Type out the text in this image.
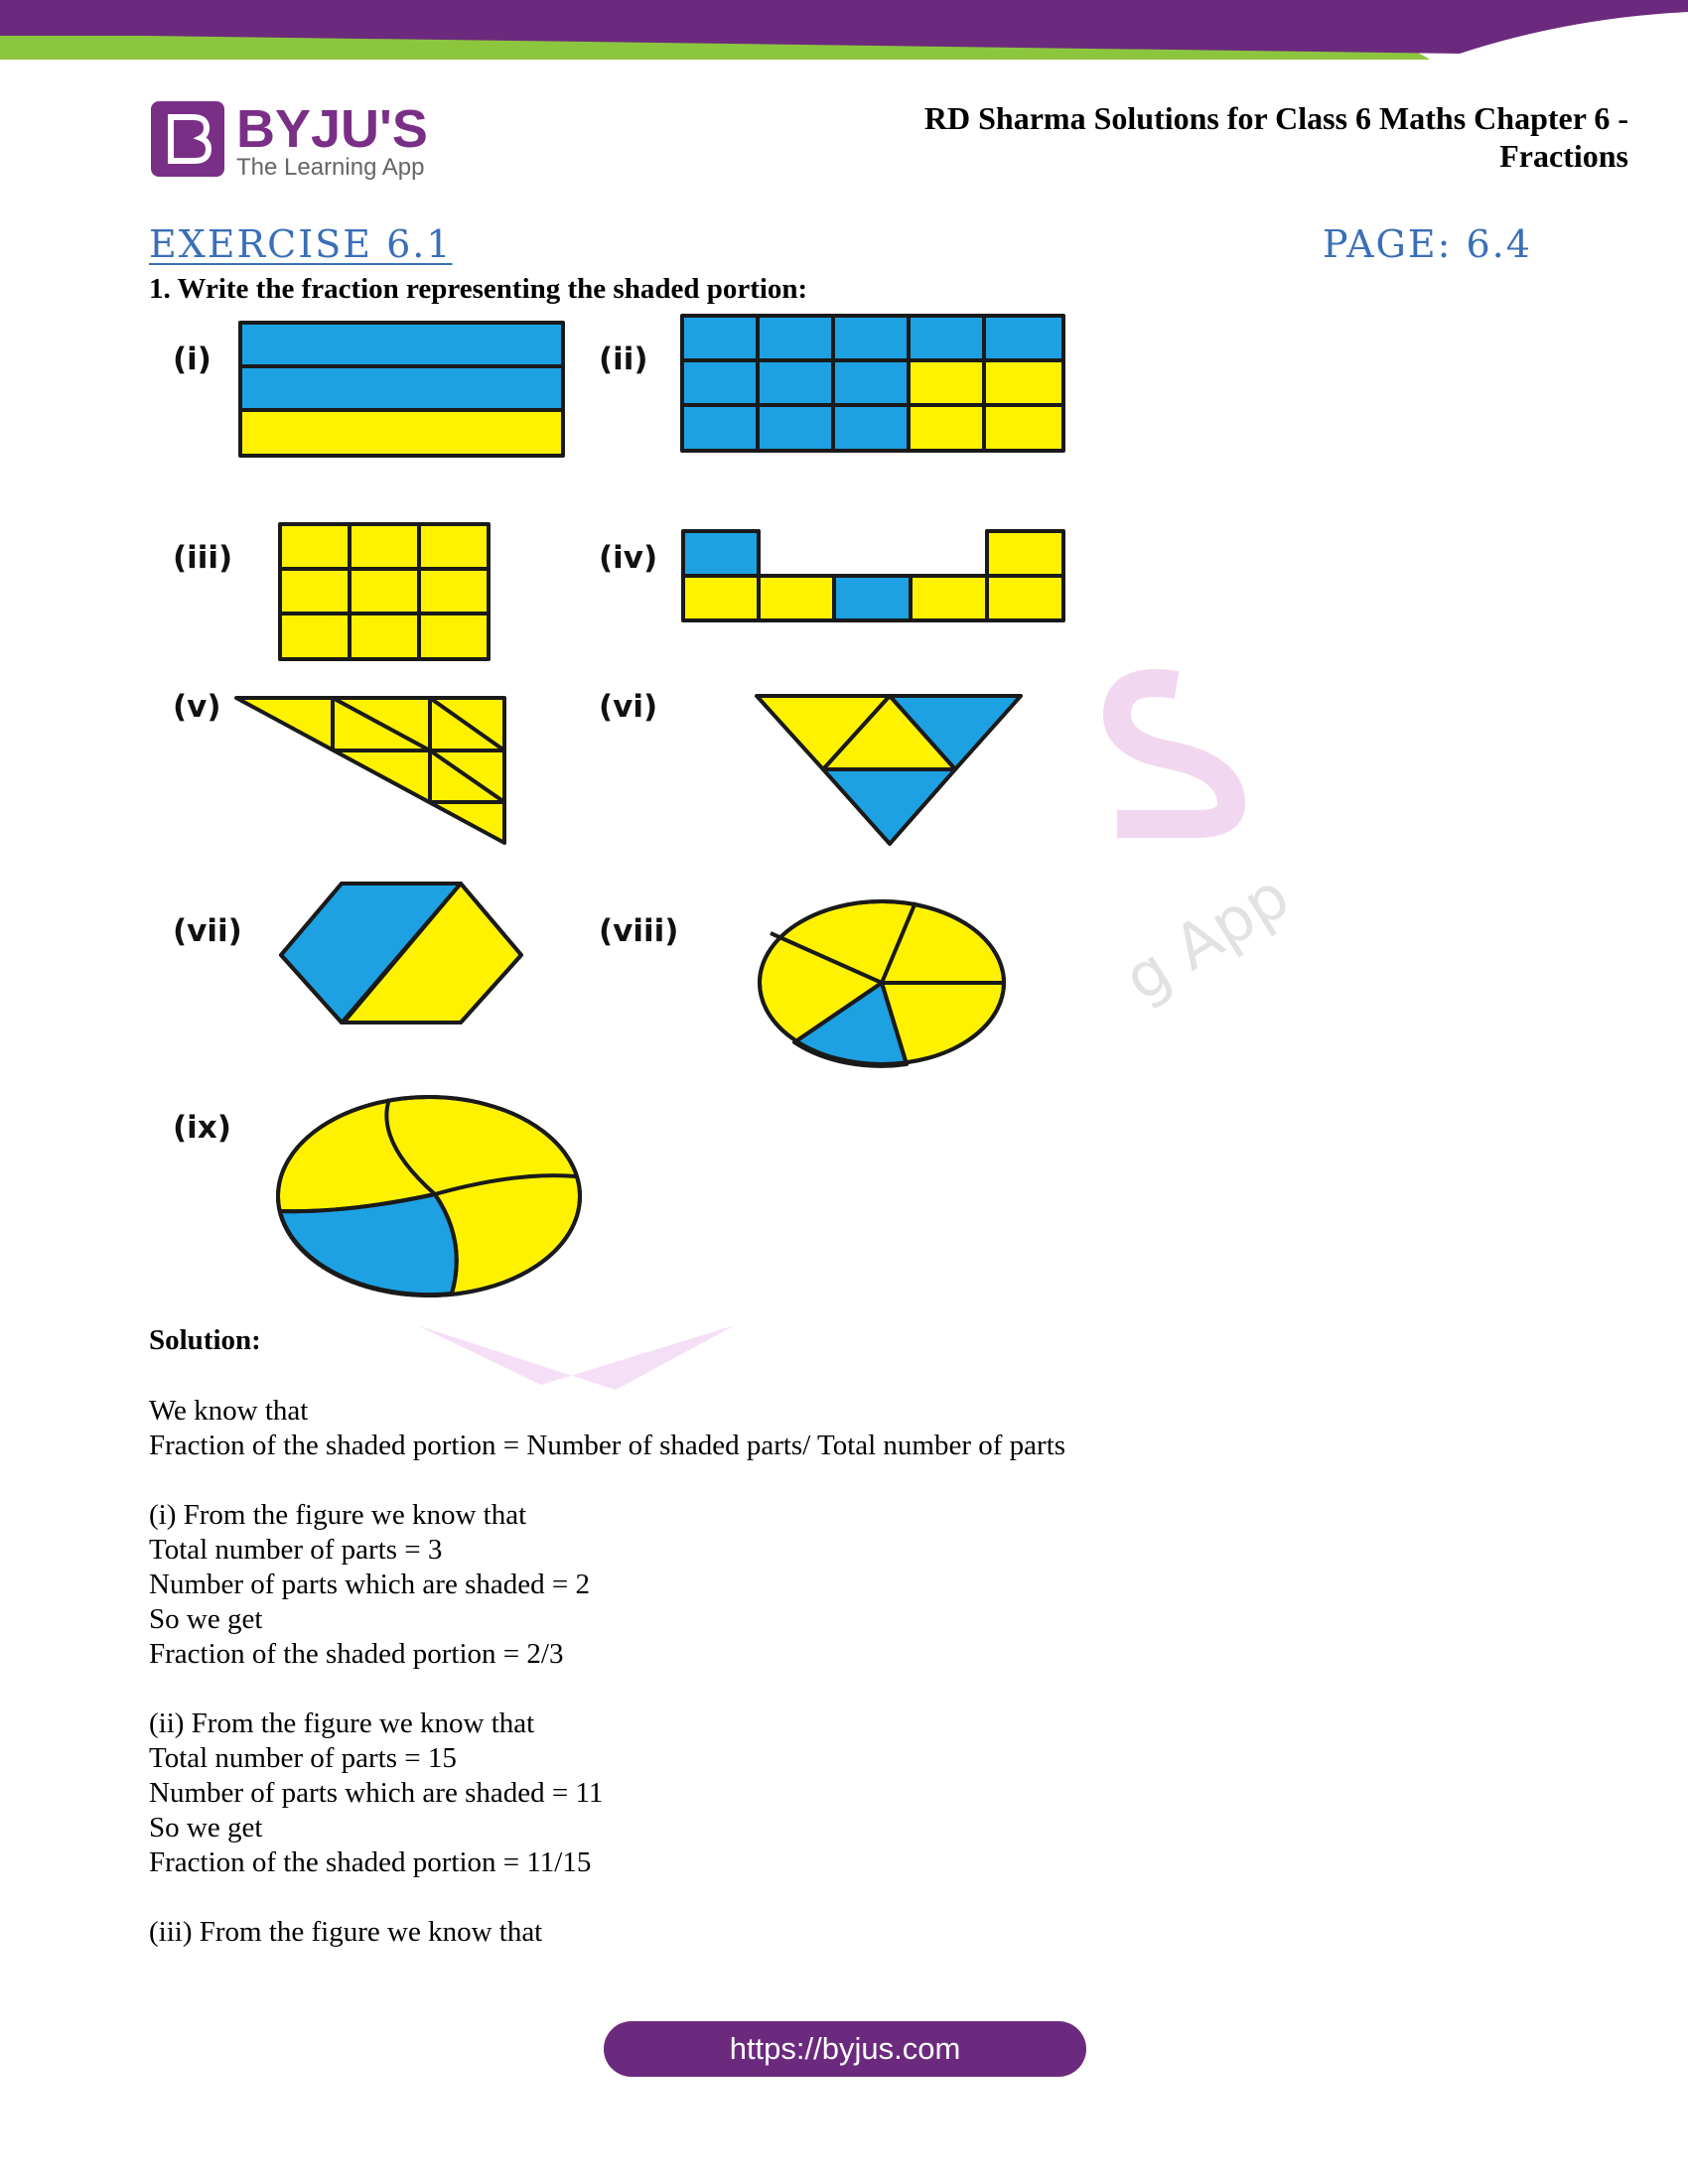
BYJU'S
The Learning App
RD Sharma Solutions for Class 6 Maths Chapter 6 -
Fractions
EXERCISE 6.1	PAGE: 6.4
1. Write the fraction representing the shaded portion:
g App
(i)	(ii)
(iii)	(iv)
(v)	(vi)
(vii)	(viii)
(ix)
Solution:
We know that
Fraction of the shaded portion = Number of shaded parts/ Total number of parts
(i) From the figure we know that
Total number of parts = 3
Number of parts which are shaded = 2
So we get
Fraction of the shaded portion = 2/3
(ii) From the figure we know that
Total number of parts = 15
Number of parts which are shaded = 11
So we get
Fraction of the shaded portion = 11/15
(iii) From the figure we know that
https://byjus.com
